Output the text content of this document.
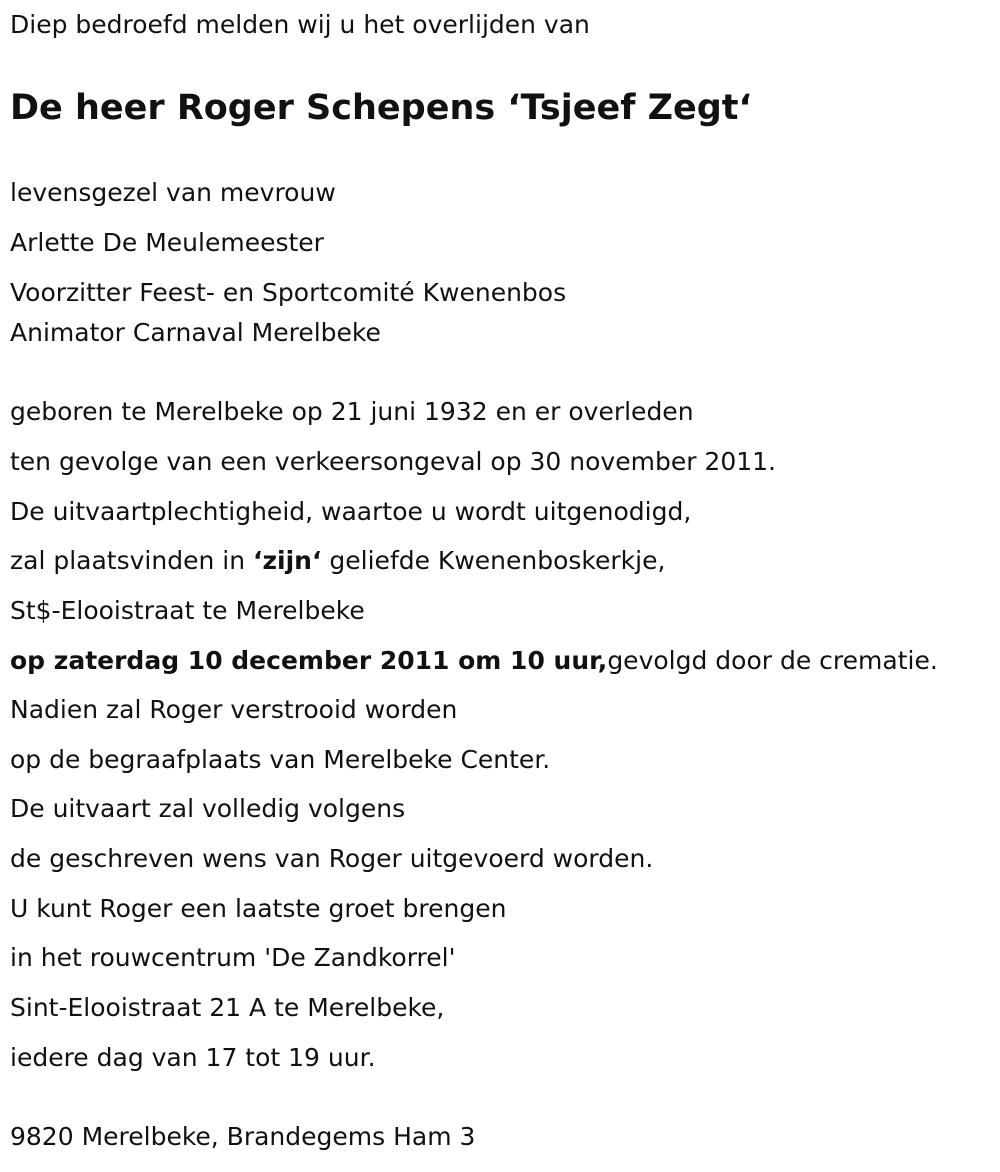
Diep bedroefd melden wij u het overlijden van

De heer Roger Schepens ‘Tsjeef Zegt‘

levensgezel van mevrouw

Arlette De Meulemeester

Voorzitter Feest- en Sportcomité Kwenenbos

Animator Carnaval Merelbeke

geboren te Merelbeke op 21 juni 1932 en er overleden

ten gevolge van een verkeersongeval op 30 november 2011.

De uitvaartplechtigheid, waartoe u wordt uitgenodigd,

zal plaatsvinden in ‘zijn‘ geliefde Kwenenboskerkje,

St$-Elooistraat te Merelbeke

op zaterdag 10 december 2011 om 10 uur,gevolgd door de crematie.

Nadien zal Roger verstrooid worden

op de begraafplaats van Merelbeke Center.

De uitvaart zal volledig volgens

de geschreven wens van Roger uitgevoerd worden.

U kunt Roger een laatste groet brengen

in het rouwcentrum 'De Zandkorrel'

Sint-Elooistraat 21 A te Merelbeke,

iedere dag van 17 tot 19 uur.

9820 Merelbeke, Brandegems Ham 3
